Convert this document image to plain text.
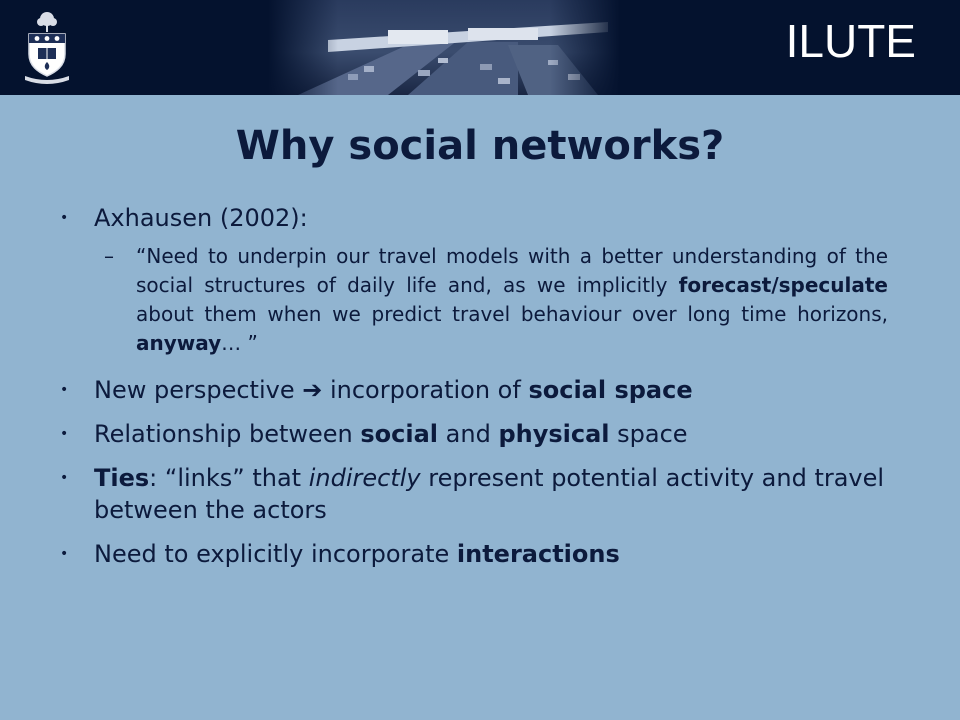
ILUTE
Why social networks?
• Axhausen (2002):
– “Need to underpin our travel models with a better understanding of the social structures of daily life and, as we implicitly forecast/speculate about them when we predict travel behaviour over long time horizons, anyway… ”
• New perspective ➔ incorporation of social space
• Relationship between social and physical space
• Ties: “links” that indirectly represent potential activity and travel between the actors
• Need to explicitly incorporate interactions
